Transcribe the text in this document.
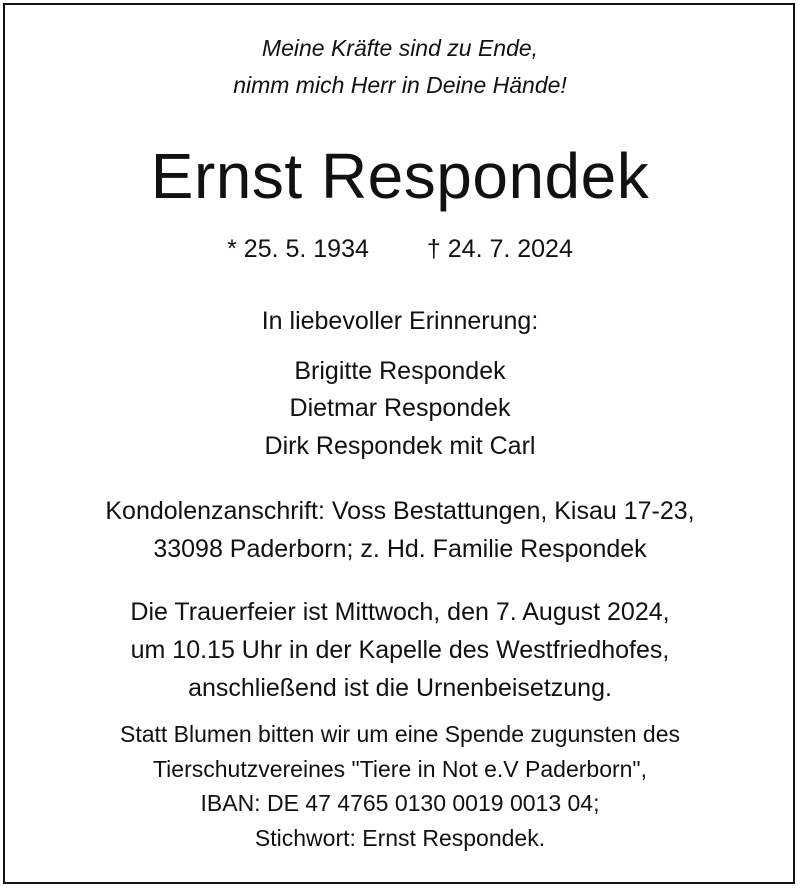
Meine Kräfte sind zu Ende,
nimm mich Herr in Deine Hände!
Ernst Respondek
* 25. 5. 1934 † 24. 7. 2024
In liebevoller Erinnerung:
Brigitte Respondek
Dietmar Respondek
Dirk Respondek mit Carl
Kondolenzanschrift: Voss Bestattungen, Kisau 17-23,
33098 Paderborn; z. Hd. Familie Respondek
Die Trauerfeier ist Mittwoch, den 7. August 2024,
um 10.15 Uhr in der Kapelle des Westfriedhofes,
anschließend ist die Urnenbeisetzung.
Statt Blumen bitten wir um eine Spende zugunsten des
Tierschutzvereines "Tiere in Not e.V Paderborn",
IBAN: DE 47 4765 0130 0019 0013 04;
Stichwort: Ernst Respondek.
